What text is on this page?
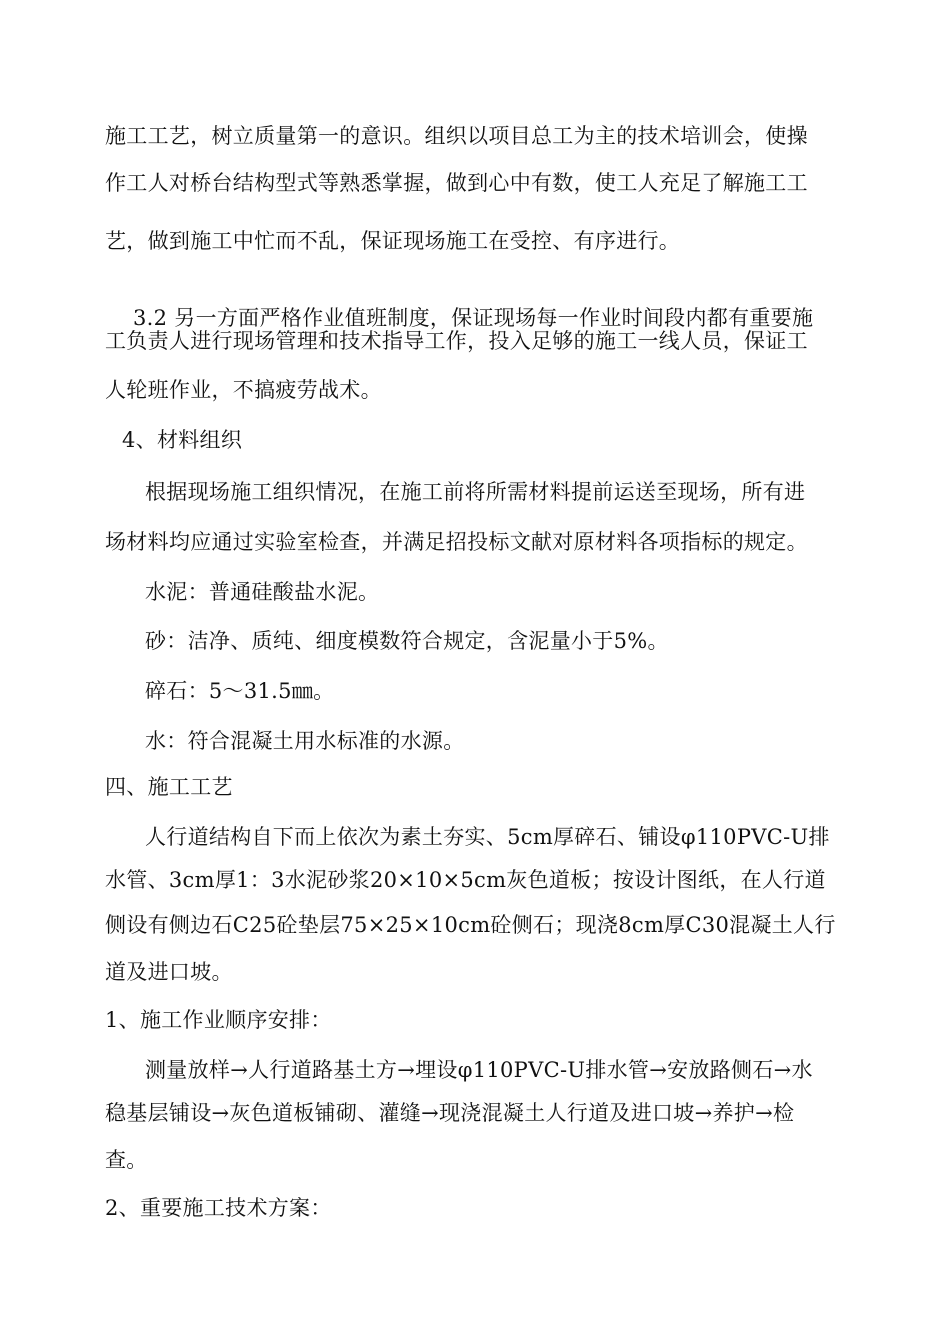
施工工艺，树立质量第一的意识。组织以项目总工为主的技术培训会，使操
作工人对桥台结构型式等熟悉掌握，做到心中有数，使工人充足了解施工工
艺，做到施工中忙而不乱，保证现场施工在受控、有序进行。
3.2 另一方面严格作业值班制度，保证现场每一作业时间段内都有重要施
工负责人进行现场管理和技术指导工作，投入足够的施工一线人员，保证工
人轮班作业，不搞疲劳战术。
4、材料组织
根据现场施工组织情况，在施工前将所需材料提前运送至现场，所有进
场材料均应通过实验室检查，并满足招投标文献对原材料各项指标的规定。
水泥：普通硅酸盐水泥。
砂：洁净、质纯、细度模数符合规定，含泥量小于5%。
碎石：5～31.5㎜。
水：符合混凝土用水标准的水源。
四、施工工艺
人行道结构自下而上依次为素土夯实、5cm厚碎石、铺设φ110PVC-U排
水管、3cm厚1：3水泥砂浆20×10×5cm灰色道板；按设计图纸，在人行道
侧设有侧边石C25砼垫层75×25×10cm砼侧石；现浇8cm厚C30混凝土人行
道及进口坡。
1、施工作业顺序安排：
测量放样→人行道路基土方→埋设φ110PVC-U排水管→安放路侧石→水
稳基层铺设→灰色道板铺砌、灌缝→现浇混凝土人行道及进口坡→养护→检
查。
2、重要施工技术方案：
